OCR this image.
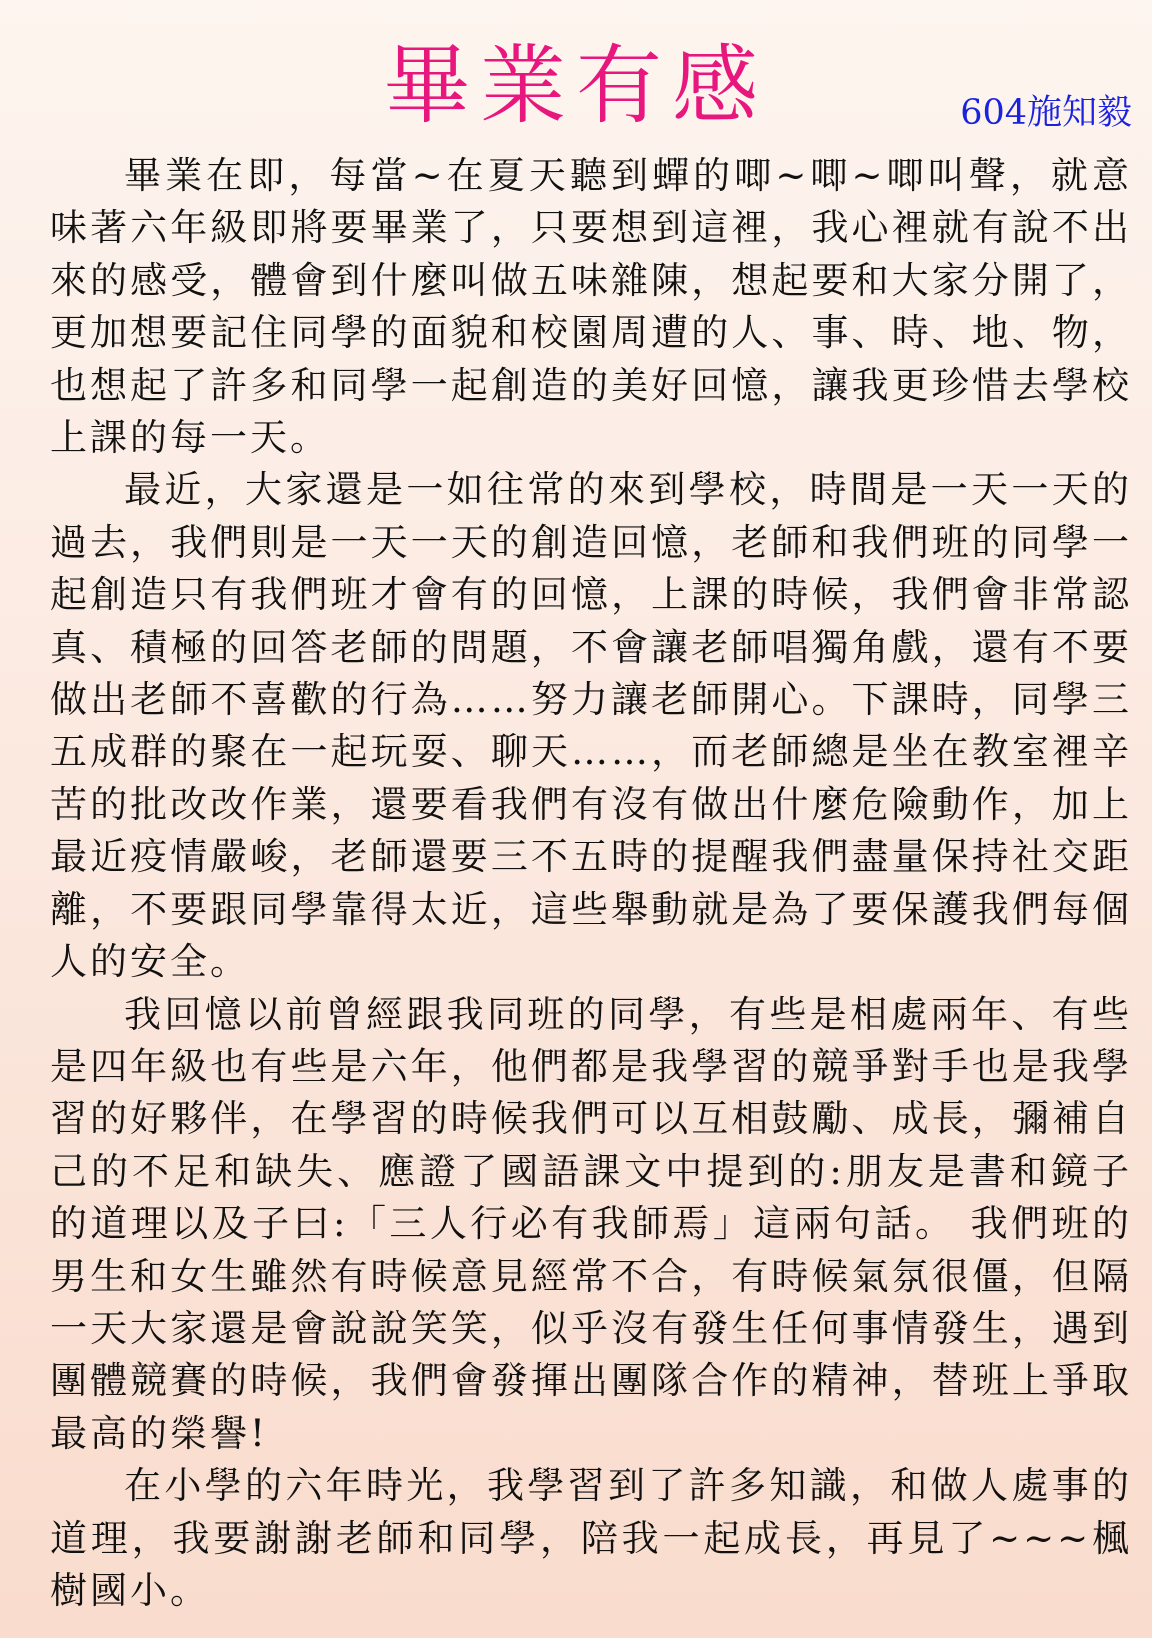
畢業有感	604施知毅

畢業在即，每當~在夏天聽到蟬的唧~唧~唧叫聲，就意味著六年級即將要畢業了，只要想到這裡，我心裡就有說不出來的感受，體會到什麼叫做五味雜陳，想起要和大家分開了，更加想要記住同學的面貌和校園周遭的人、事、時、地、物，也想起了許多和同學一起創造的美好回憶，讓我更珍惜去學校上課的每一天。

最近，大家還是一如往常的來到學校，時間是一天一天的過去，我們則是一天一天的創造回憶，老師和我們班的同學一起創造只有我們班才會有的回憶，上課的時候，我們會非常認真、積極的回答老師的問題，不會讓老師唱獨角戲，還有不要做出老師不喜歡的行為……努力讓老師開心。下課時，同學三五成群的聚在一起玩耍、聊天……，而老師總是坐在教室裡辛苦的批改改作業，還要看我們有沒有做出什麼危險動作，加上最近疫情嚴峻，老師還要三不五時的提醒我們盡量保持社交距離，不要跟同學靠得太近，這些舉動就是為了要保護我們每個人的安全。

我回憶以前曾經跟我同班的同學，有些是相處兩年、有些是四年級也有些是六年，他們都是我學習的競爭對手也是我學習的好夥伴，在學習的時候我們可以互相鼓勵、成長，彌補自己的不足和缺失、應證了國語課文中提到的:朋友是書和鏡子的道理以及子曰:「三人行必有我師焉」這兩句話。 我們班的男生和女生雖然有時候意見經常不合，有時候氣氛很僵，但隔一天大家還是會說說笑笑，似乎沒有發生任何事情發生，遇到團體競賽的時候，我們會發揮出團隊合作的精神，替班上爭取最高的榮譽!

在小學的六年時光，我學習到了許多知識，和做人處事的道理，我要謝謝老師和同學，陪我一起成長，再見了~~~楓樹國小。
